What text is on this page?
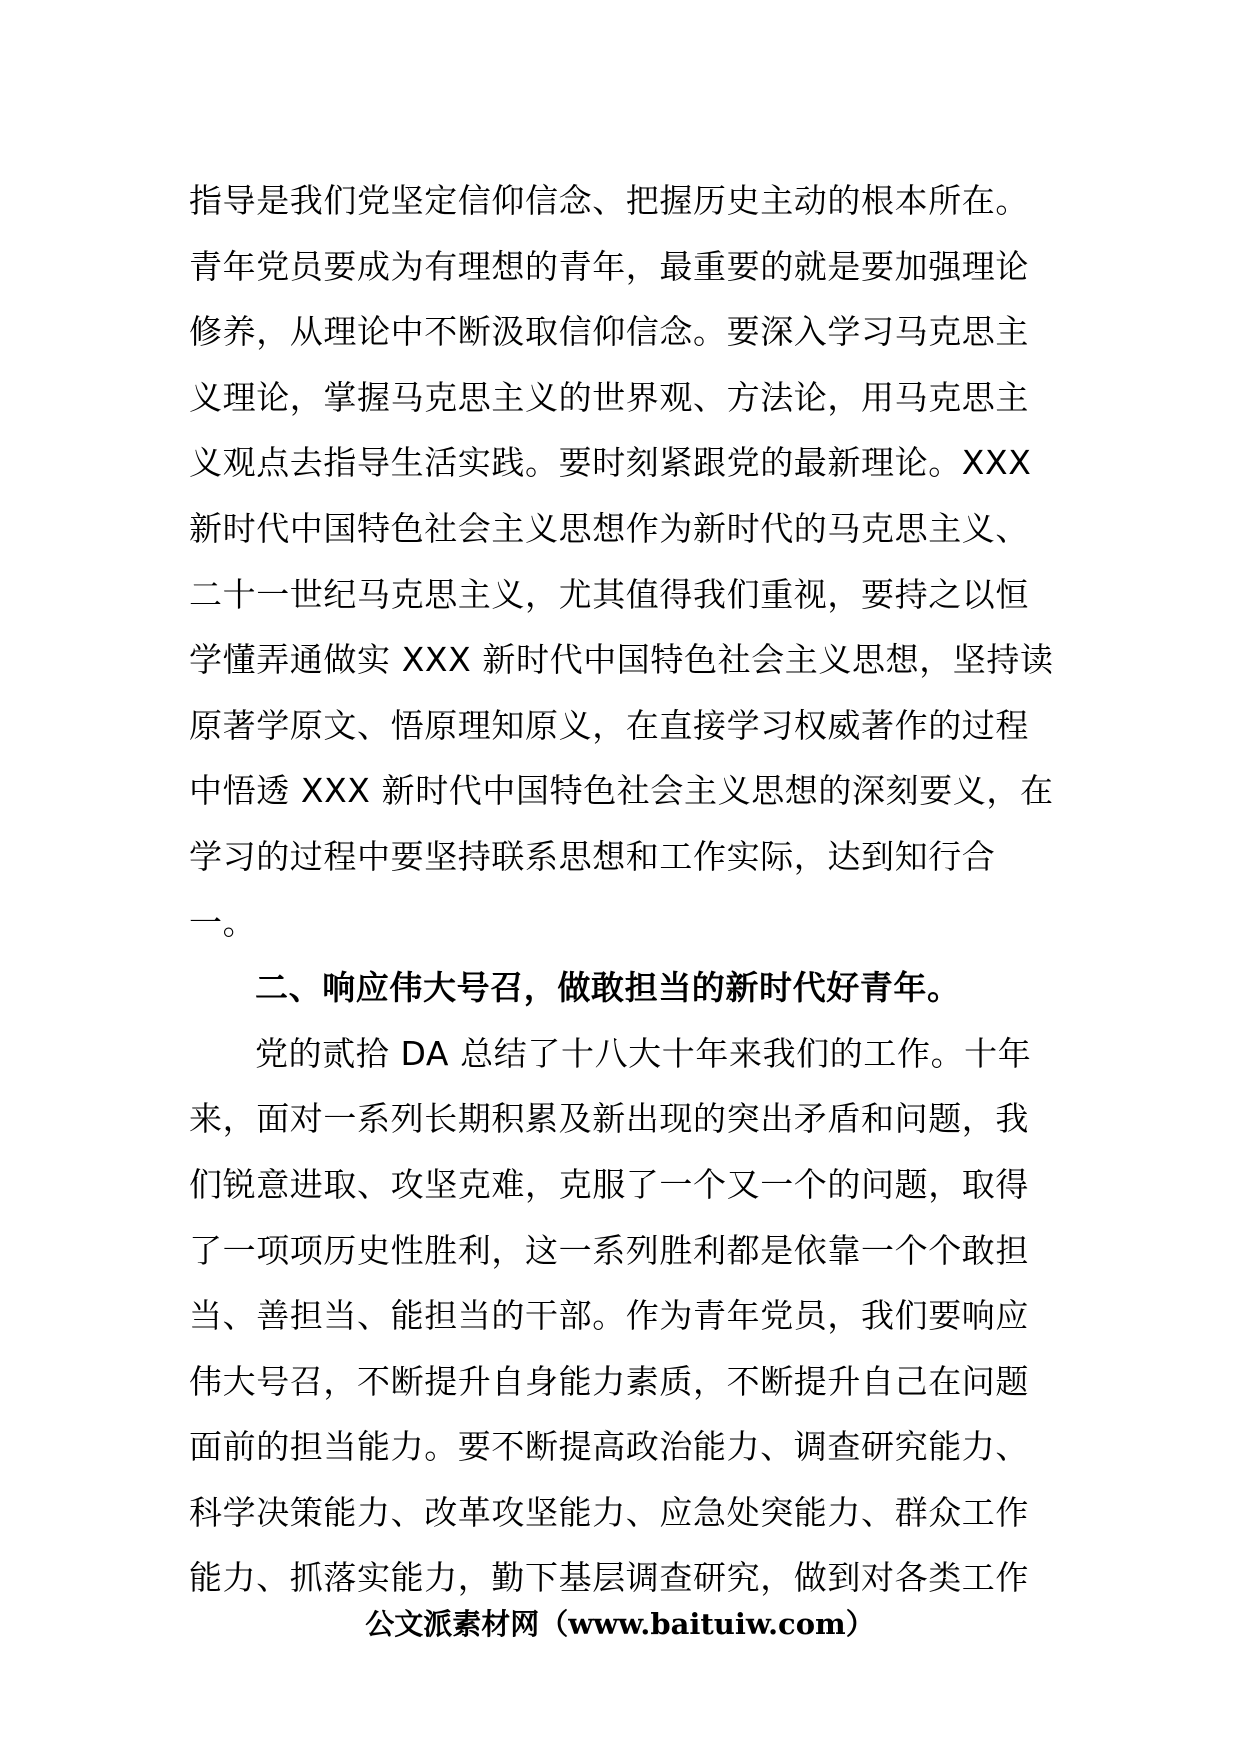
指导是我们党坚定信仰信念、把握历史主动的根本所在。
青年党员要成为有理想的青年，最重要的就是要加强理论
修养，从理论中不断汲取信仰信念。要深入学习马克思主
义理论，掌握马克思主义的世界观、方法论，用马克思主
义观点去指导生活实践。要时刻紧跟党的最新理论。XXX
新时代中国特色社会主义思想作为新时代的马克思主义、
二十一世纪马克思主义，尤其值得我们重视，要持之以恒
学懂弄通做实 XXX 新时代中国特色社会主义思想，坚持读
原著学原文、悟原理知原义，在直接学习权威著作的过程
中悟透 XXX 新时代中国特色社会主义思想的深刻要义，在
学习的过程中要坚持联系思想和工作实际，达到知行合
一。
二、响应伟大号召，做敢担当的新时代好青年。
党的贰拾 DA 总结了十八大十年来我们的工作。十年
来，面对一系列长期积累及新出现的突出矛盾和问题，我
们锐意进取、攻坚克难，克服了一个又一个的问题，取得
了一项项历史性胜利，这一系列胜利都是依靠一个个敢担
当、善担当、能担当的干部。作为青年党员，我们要响应
伟大号召，不断提升自身能力素质，不断提升自己在问题
面前的担当能力。要不断提高政治能力、调查研究能力、
科学决策能力、改革攻坚能力、应急处突能力、群众工作
能力、抓落实能力，勤下基层调查研究，做到对各类工作
公文派素材网（www.baituiw.com）
